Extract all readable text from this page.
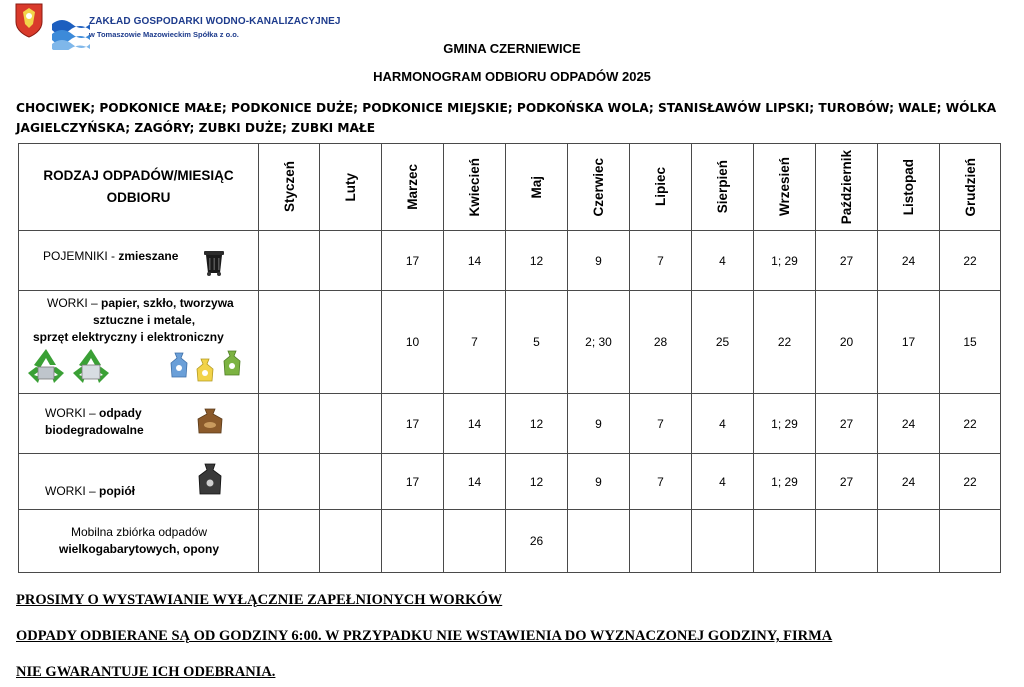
ZAKŁAD GOSPODARKI WODNO-KANALIZACYJNEJ
w Tomaszowie Mazowieckim Spółka z o.o.
GMINA CZERNIEWICE
HARMONOGRAM ODBIORU ODPADÓW 2025
CHOCIWEK; PODKONICE MAŁE; PODKONICE DUŻE; PODKONICE MIEJSKIE; PODKOŃSKA WOLA; STANISŁAWÓW LIPSKI; TUROBÓW; WALE; WÓLKA JAGIELCZYŃSKA; ZAGÓRY; ZUBKI DUŻE; ZUBKI MAŁE
RODZAJ ODPADÓW/MIESIĄC ODBIORU	Styczeń	Luty	Marzec	Kwiecień	Maj	Czerwiec	Lipiec	Sierpień	Wrzesień	Październik	Listopad	Grudzień

POJEMNIKI - zmieszane			17	14	12	9	7	4	1; 29	27	24	22

WORKI – papier, szkło, tworzywa
sztuczne i metale,
sprzęt elektryczny i elektroniczny			10	7	5	2; 30	28	25	22	20	17	15

WORKI – odpady
biodegradowalne			17	14	12	9	7	4	1; 29	27	24	22

WORKI – popiół			17	14	12	9	7	4	1; 29	27	24	22

Mobilna zbiórka odpadów
wielkogabarytowych, opony					26							
PROSIMY O WYSTAWIANIE WYŁĄCZNIE ZAPEŁNIONYCH WORKÓW
ODPADY ODBIERANE SĄ OD GODZINY 6:00. W PRZYPADKU NIE WSTAWIENIA DO WYZNACZONEJ GODZINY, FIRMA
NIE GWARANTUJE ICH ODEBRANIA.
